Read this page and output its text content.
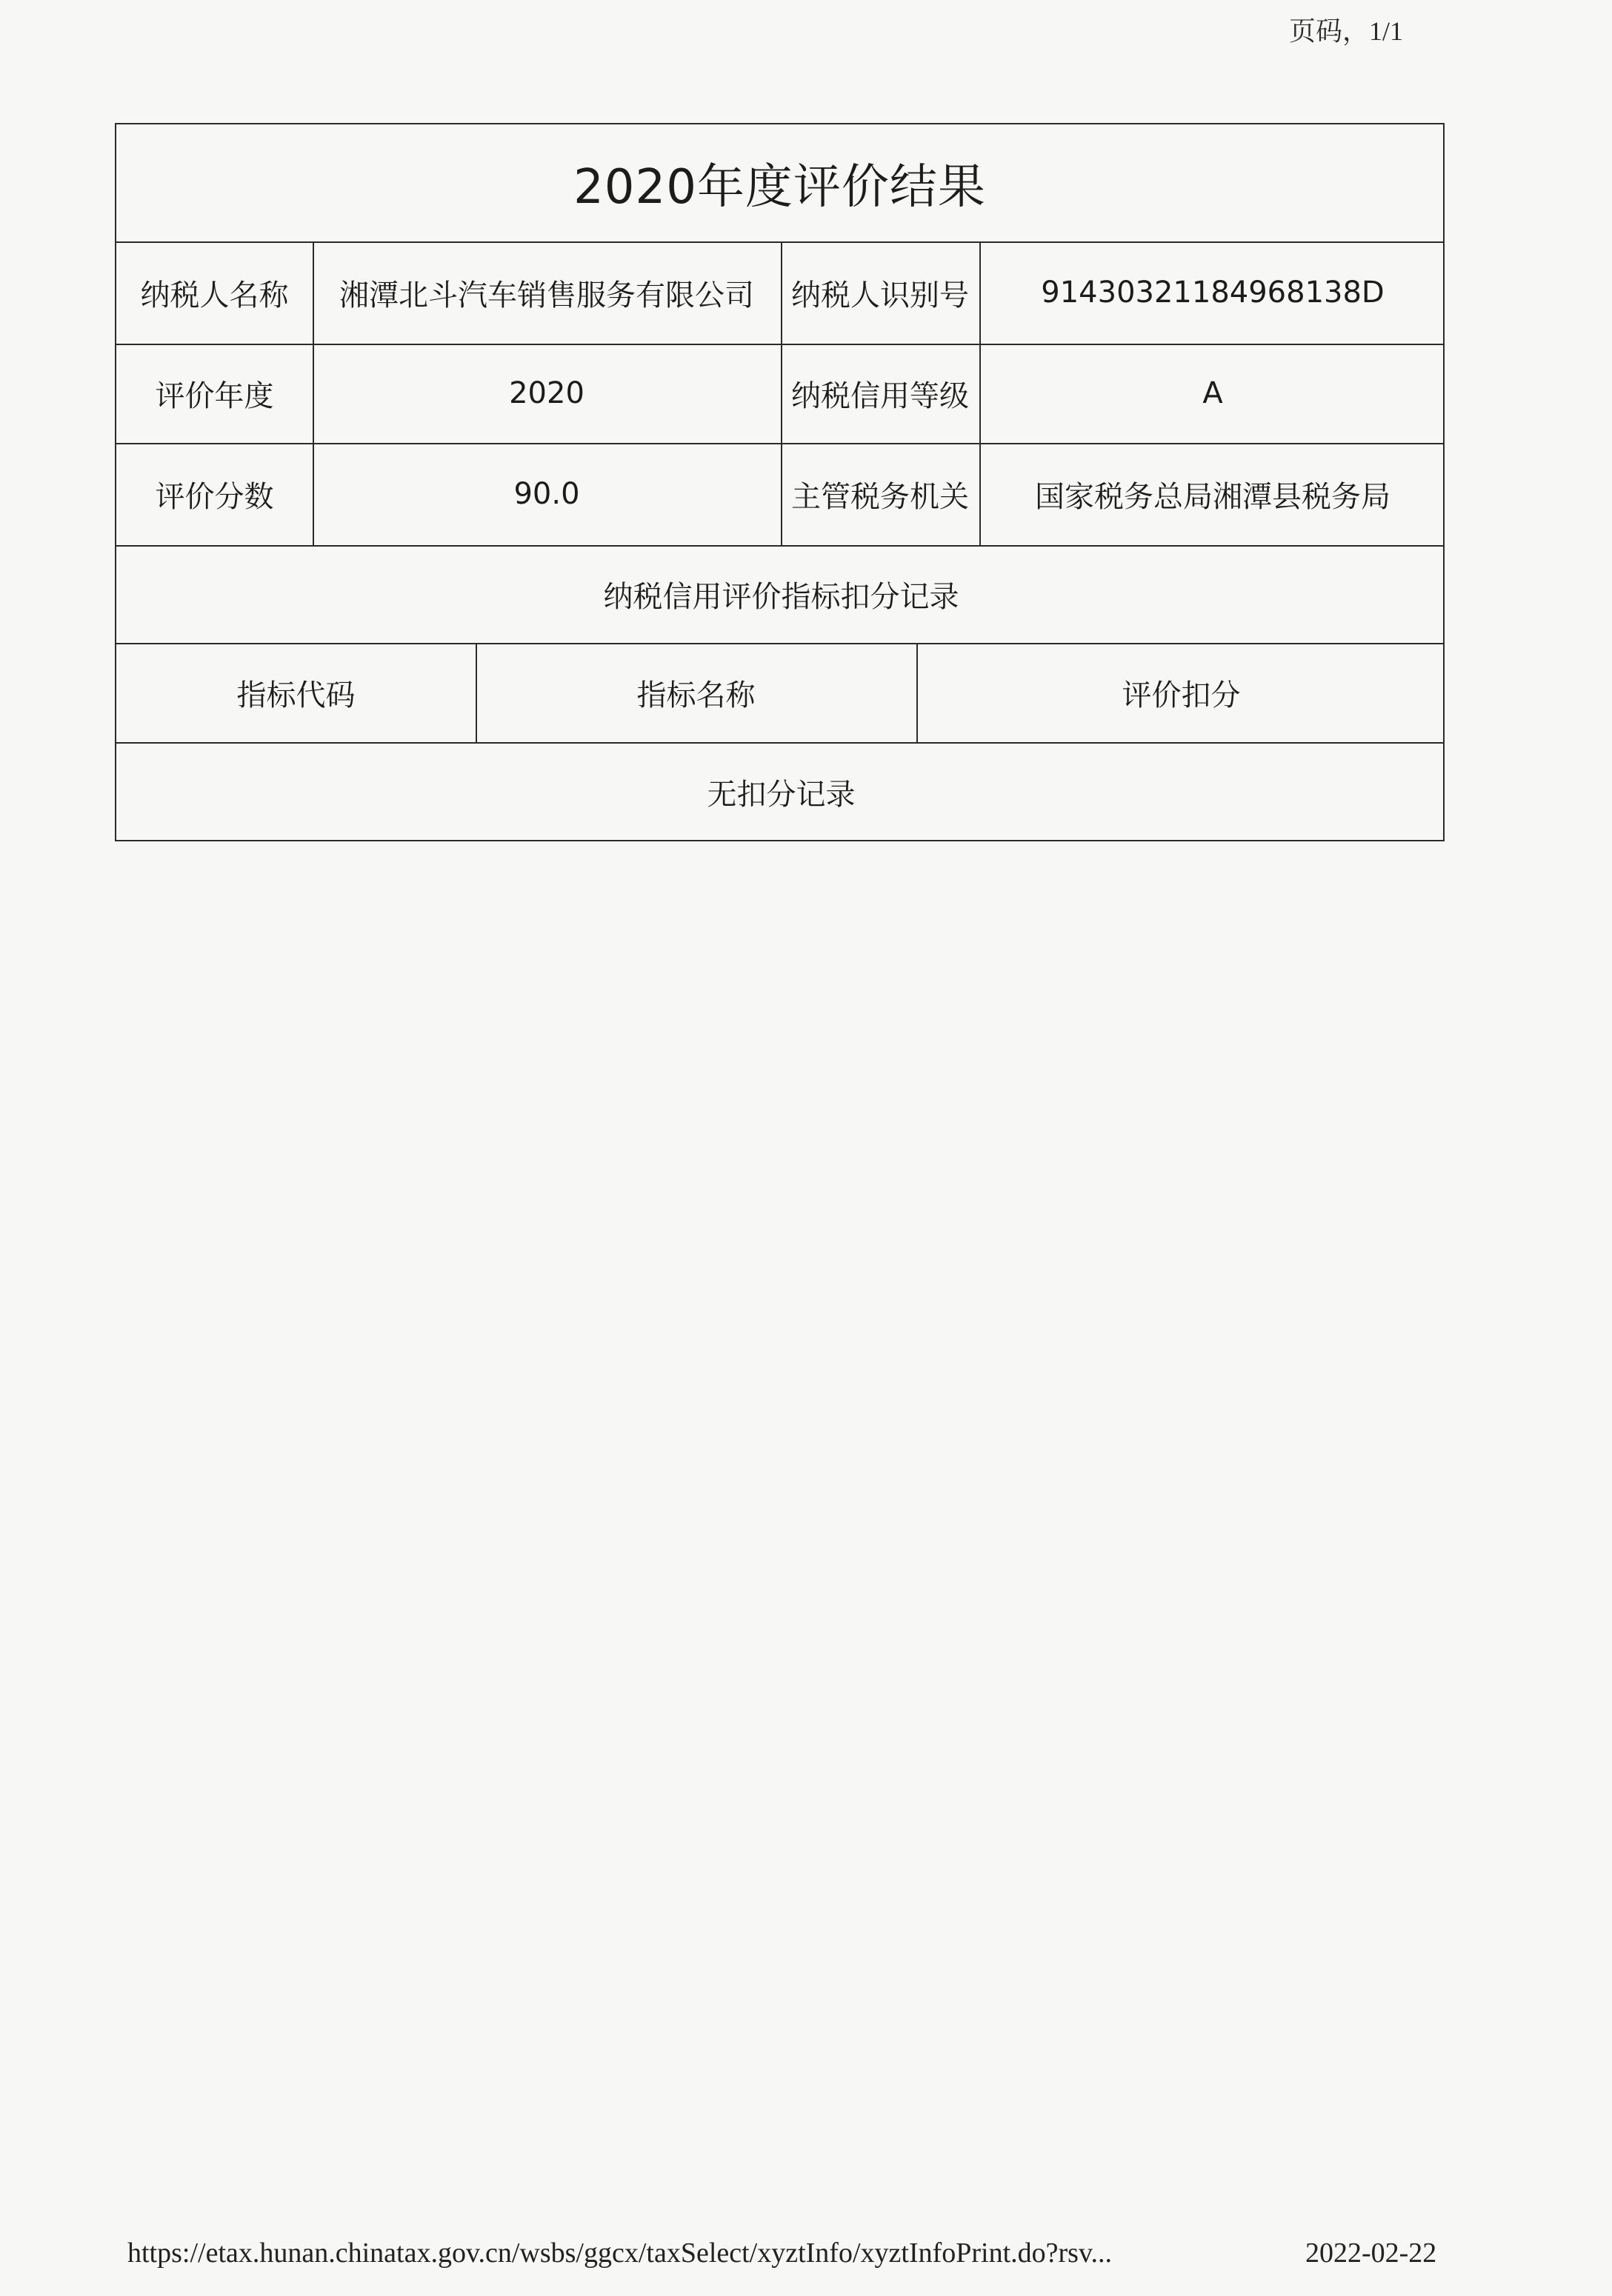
页码，1/1
2020年度评价结果
纳税人名称	湘潭北斗汽车销售服务有限公司	纳税人识别号	91430321184968138D
评价年度	2020	纳税信用等级	A
评价分数	90.0	主管税务机关	国家税务总局湘潭县税务局
纳税信用评价指标扣分记录
指标代码	指标名称	评价扣分
无扣分记录
https://etax.hunan.chinatax.gov.cn/wsbs/ggcx/taxSelect/xyztInfo/xyztInfoPrint.do?rsv...	2022-02-22
